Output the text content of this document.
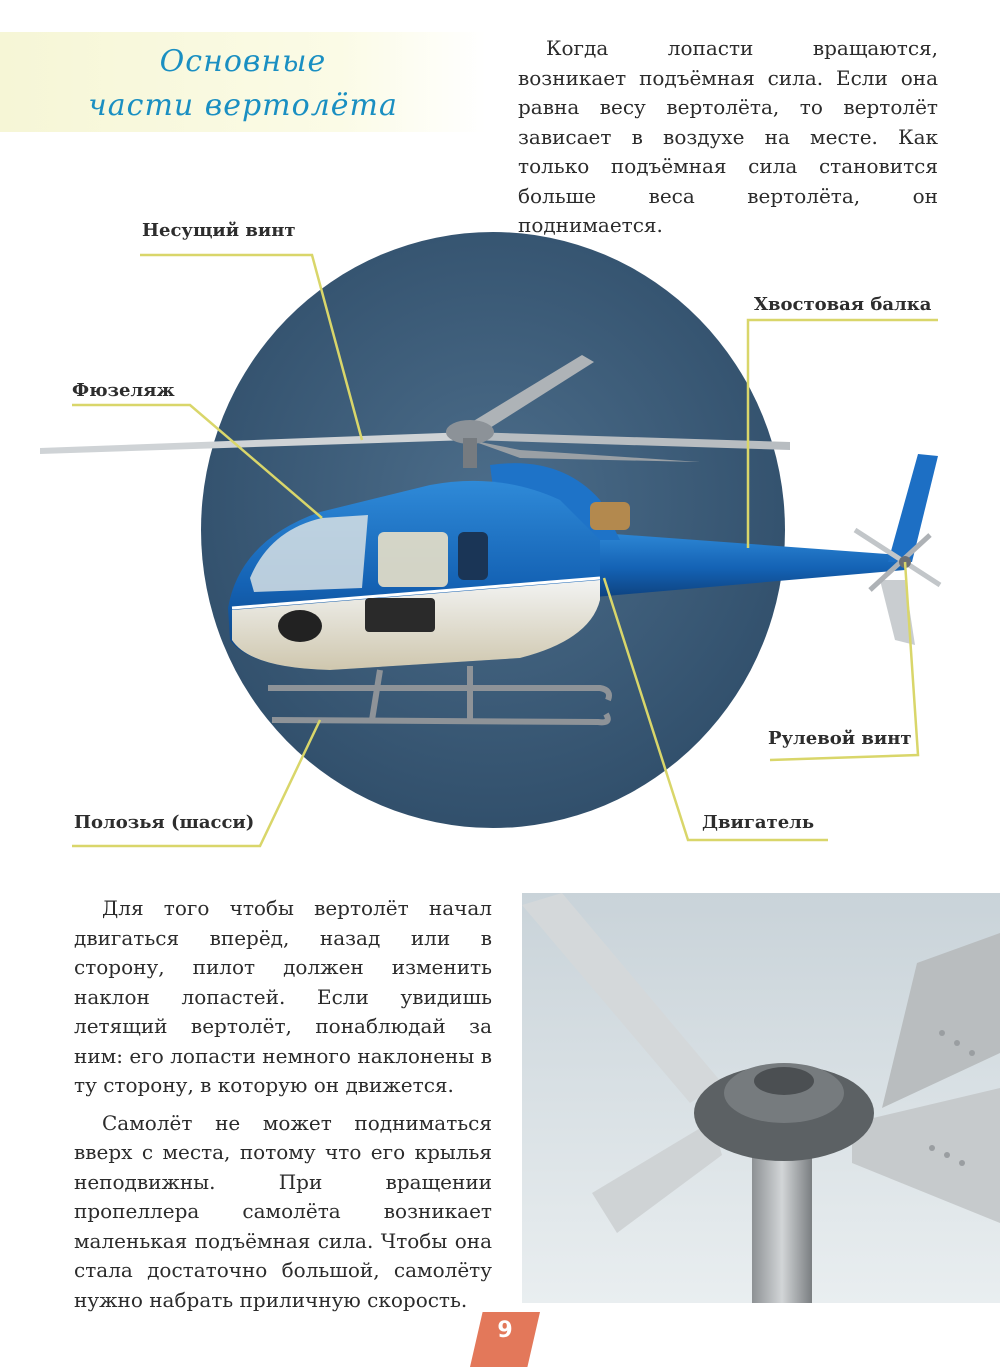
Основные
части вертолёта

Когда лопасти вращаются, возникает подъёмная сила. Если она равна весу вертолёта, то вертолёт зависает в воздухе на месте. Как только подъёмная сила становится больше веса вертолёта, он поднимается.

Несущий винт
Хвостовая балка
Фюзеляж
Рулевой винт
Полозья (шасси)	Двигатель

Для того чтобы вертолёт начал двигаться вперёд, назад или в сторону, пилот должен изменить наклон лопастей. Если увидишь летящий вертолёт, понаблюдай за ним: его лопасти немного наклонены в ту сторону, в которую он движется.

Самолёт не может подниматься вверх с места, потому что его крылья неподвижны. При вращении пропеллера самолёта возникает маленькая подъёмная сила. Чтобы она стала достаточно большой, самолёту нужно набрать приличную скорость.

9
